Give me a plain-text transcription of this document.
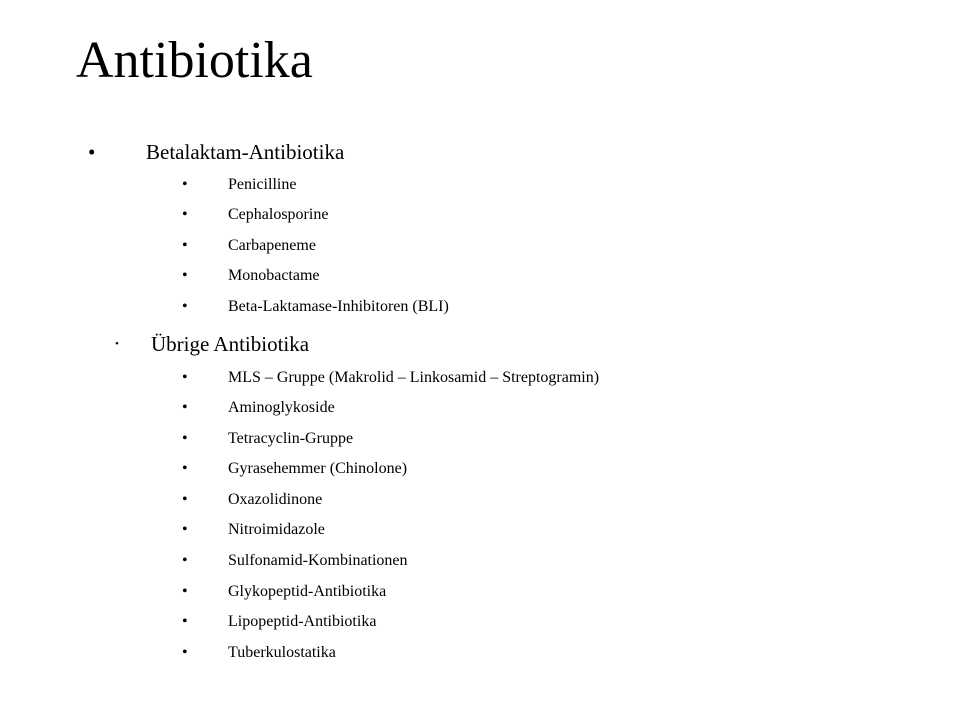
Antibiotika
• Betalaktam-Antibiotika
•	Penicilline
•	Cephalosporine
•	Carbapeneme
•	Monobactame
•	Beta-Laktamase-Inhibitoren (BLI)
• Übrige Antibiotika
•	MLS – Gruppe (Makrolid – Linkosamid – Streptogramin)
•	Aminoglykoside
•	Tetracyclin-Gruppe
•	Gyrasehemmer (Chinolone)
•	Oxazolidinone
•	Nitroimidazole
•	Sulfonamid-Kombinationen
•	Glykopeptid-Antibiotika
•	Lipopeptid-Antibiotika
•	Tuberkulostatika
